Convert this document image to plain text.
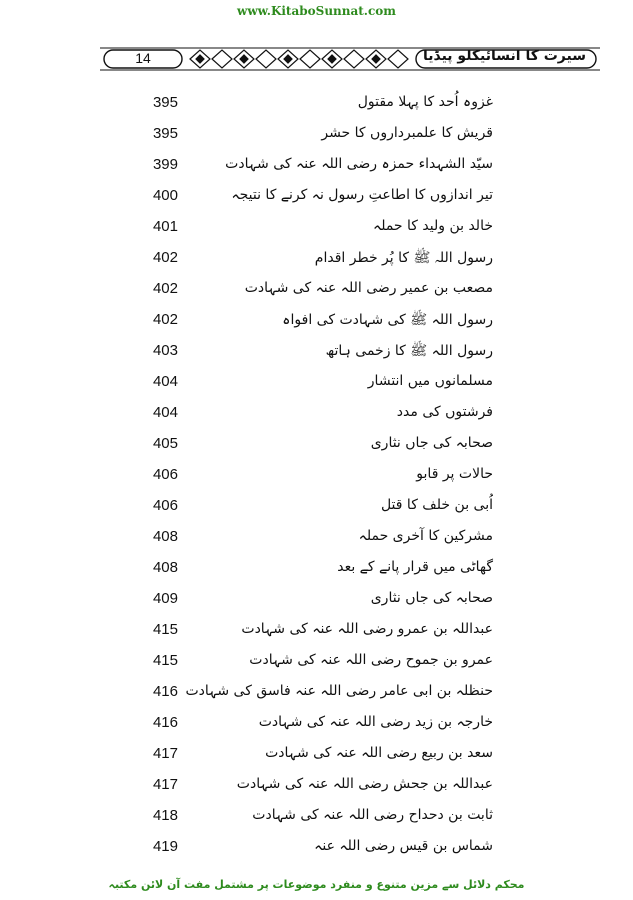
www.KitaboSunnat.com
14	سیرت کا انسائیکلو پیڈیا
395	غزوہ اُحد کا پہلا مقتول
395	قریش کا علمبرداروں کا حشر
399	سیّد الشہداء حمزہ رضی اللہ عنہ کی شہادت
400	تیر اندازوں کا اطاعتِ رسول نہ کرنے کا نتیجہ
401	خالد بن ولید کا حملہ
402	رسول اللہ ﷺ کا پُر خطر اقدام
402	مصعب بن عمیر رضی اللہ عنہ کی شہادت
402	رسول اللہ ﷺ کی شہادت کی افواہ
403	رسول اللہ ﷺ کا زخمی ہاتھ
404	مسلمانوں میں انتشار
404	فرشتوں کی مدد
405	صحابہ کی جاں نثاری
406	حالات پر قابو
406	اُبی بن خلف کا قتل
408	مشرکین کا آخری حملہ
408	گھاٹی میں قرار پانے کے بعد
409	صحابہ کی جاں نثاری
415	عبداللہ بن عمرو رضی اللہ عنہ کی شہادت
415	عمرو بن جموح رضی اللہ عنہ کی شہادت
416 حنظلہ بن ابی عامر رضی اللہ عنہ فاسق کی شہادت
416	خارجہ بن زید رضی اللہ عنہ کی شہادت
417	سعد بن ربیع رضی اللہ عنہ کی شہادت
417	عبداللہ بن جحش رضی اللہ عنہ کی شہادت
418	ثابت بن دحداح رضی اللہ عنہ کی شہادت
419	شماس بن قیس رضی اللہ عنہ
محکم دلائل سے مزین متنوع و منفرد موضوعات پر مشتمل مفت آن لائن مکتبہ
